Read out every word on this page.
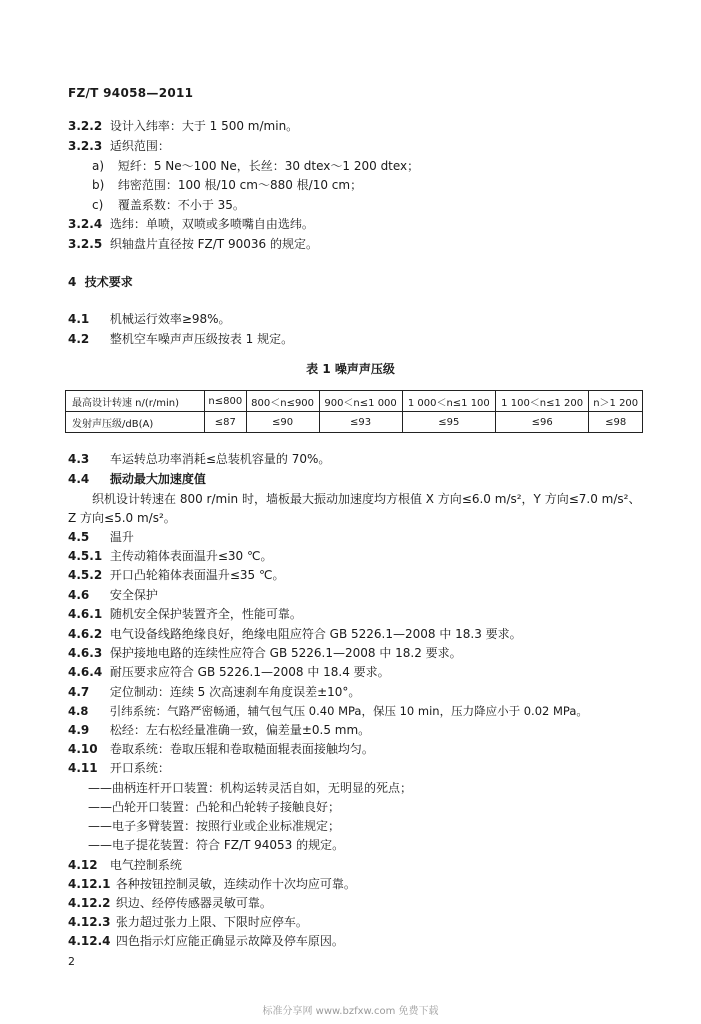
FZ/T 94058—2011
3.2.2 设计入纬率：大于 1 500 m/min。
3.2.3 适织范围：
a) 短纤：5 Ne～100 Ne，长丝：30 dtex～1 200 dtex；
b) 纬密范围：100 根/10 cm～880 根/10 cm；
c) 覆盖系数：不小于 35。
3.2.4 选纬：单喷，双喷或多喷嘴自由选纬。
3.2.5 织轴盘片直径按 FZ/T 90036 的规定。
4 技术要求
4.1 机械运行效率≥98%。
4.2 整机空车噪声声压级按表 1 规定。
表 1 噪声声压级
最高设计转速 n/(r/min)	n≤800	800＜n≤900	900＜n≤1 000	1 000＜n≤1 100	1 100＜n≤1 200	n＞1 200
发射声压级/dB(A)	≤87	≤90	≤93	≤95	≤96	≤98
4.3 车运转总功率消耗≤总装机容量的 70%。
4.4 振动最大加速度值
织机设计转速在 800 r/min 时，墙板最大振动加速度均方根值 X 方向≤6.0 m/s²，Y 方向≤7.0 m/s²、
Z 方向≤5.0 m/s²。
4.5 温升
4.5.1 主传动箱体表面温升≤30 ℃。
4.5.2 开口凸轮箱体表面温升≤35 ℃。
4.6 安全保护
4.6.1 随机安全保护装置齐全，性能可靠。
4.6.2 电气设备线路绝缘良好，绝缘电阻应符合 GB 5226.1—2008 中 18.3 要求。
4.6.3 保护接地电路的连续性应符合 GB 5226.1—2008 中 18.2 要求。
4.6.4 耐压要求应符合 GB 5226.1—2008 中 18.4 要求。
4.7 定位制动：连续 5 次高速刹车角度误差±10°。
4.8 引纬系统：气路严密畅通，辅气包气压 0.40 MPa，保压 10 min，压力降应小于 0.02 MPa。
4.9 松经：左右松经量准确一致，偏差量±0.5 mm。
4.10 卷取系统：卷取压辊和卷取糙面辊表面接触均匀。
4.11 开口系统：
——曲柄连杆开口装置：机构运转灵活自如，无明显的死点；
——凸轮开口装置：凸轮和凸轮转子接触良好；
——电子多臂装置：按照行业或企业标准规定；
——电子提花装置：符合 FZ/T 94053 的规定。
4.12 电气控制系统
4.12.1 各种按钮控制灵敏，连续动作十次均应可靠。
4.12.2 织边、经停传感器灵敏可靠。
4.12.3 张力超过张力上限、下限时应停车。
4.12.4 四色指示灯应能正确显示故障及停车原因。
2
标准分享网 www.bzfxw.com 免费下载
